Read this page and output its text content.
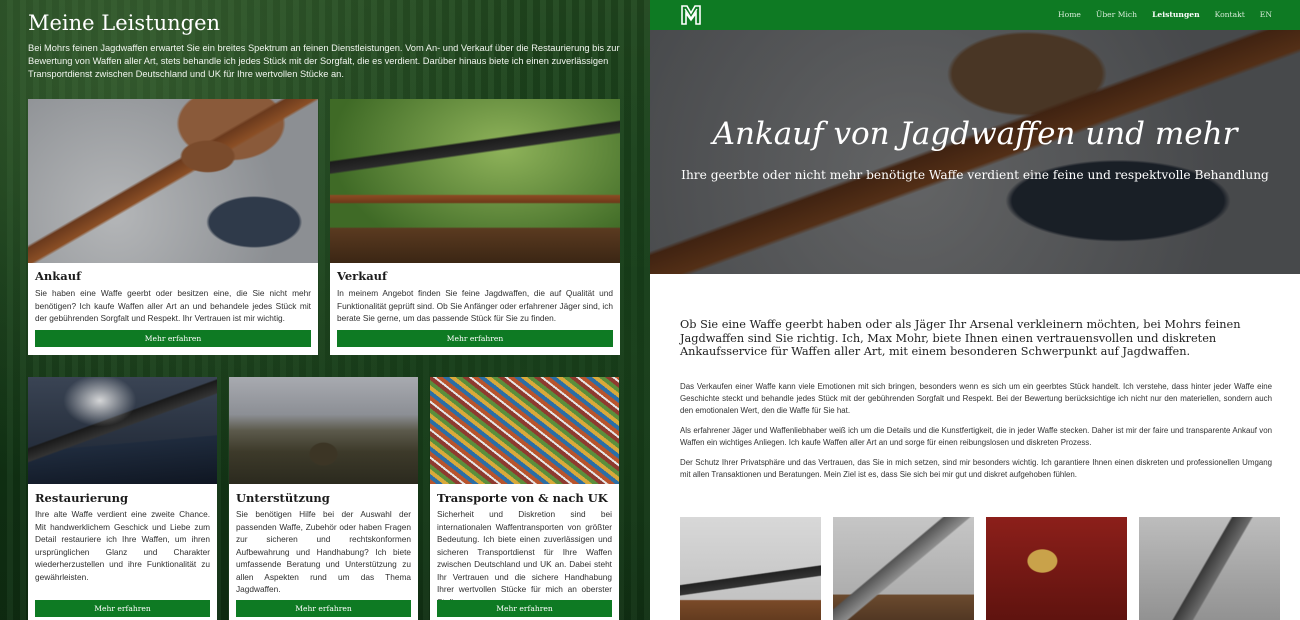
Meine Leistungen
Bei Mohrs feinen Jagdwaffen erwartet Sie ein breites Spektrum an feinen Dienstleistungen. Vom An- und Verkauf über die Restaurierung bis zur Bewertung von Waffen aller Art, stets behandle ich jedes Stück mit der Sorgfalt, die es verdient. Darüber hinaus biete ich einen zuverlässigen Transportdienst zwischen Deutschland und UK für Ihre wertvollen Stücke an.
Ankauf

Sie haben eine Waffe geerbt oder besitzen eine, die Sie nicht mehr benötigen? Ich kaufe Waffen aller Art an und behandele jedes Stück mit der gebührenden Sorgfalt und Respekt. Ihr Vertrauen ist mir wichtig.

Mehr erfahren
Verkauf

In meinem Angebot finden Sie feine Jagdwaffen, die auf Qualität und Funktionalität geprüft sind. Ob Sie Anfänger oder erfahrener Jäger sind, ich berate Sie gerne, um das passende Stück für Sie zu finden.

Mehr erfahren
Restaurierung

Ihre alte Waffe verdient eine zweite Chance. Mit handwerklichem Geschick und Liebe zum Detail restauriere ich Ihre Waffen, um ihren ursprünglichen Glanz und Charakter wiederherzustellen und ihre Funktionalität zu gewährleisten.

Mehr erfahren
Unterstützung

Sie benötigen Hilfe bei der Auswahl der passenden Waffe, Zubehör oder haben Fragen zur sicheren und rechtskonformen Aufbewahrung und Handhabung? Ich biete umfassende Beratung und Unterstützung zu allen Aspekten rund um das Thema Jagdwaffen.

Mehr erfahren
Transporte von & nach UK

Sicherheit und Diskretion sind bei internationalen Waffentransporten von größter Bedeutung. Ich biete einen zuverlässigen und sicheren Transportdienst für Ihre Waffen zwischen Deutschland und UK an. Dabei steht Ihr Vertrauen und die sichere Handhabung Ihrer wertvollen Stücke für mich an oberster

Mehr erfahren
Home Über Mich Leistungen Kontakt EN
Ankauf von Jagdwaffen und mehr
Ihre geerbte oder nicht mehr benötigte Waffe verdient eine feine und respektvolle Behandlung
Ob Sie eine Waffe geerbt haben oder als Jäger Ihr Arsenal verkleinern möchten, bei Mohrs feinen Jagdwaffen sind Sie richtig. Ich, Max Mohr, biete Ihnen einen vertrauensvollen und diskreten Ankaufsservice für Waffen aller Art, mit einem besonderen Schwerpunkt auf Jagdwaffen.
Das Verkaufen einer Waffe kann viele Emotionen mit sich bringen, besonders wenn es sich um ein geerbtes Stück handelt. Ich verstehe, dass hinter jeder Waffe eine Geschichte steckt und behandle jedes Stück mit der gebührenden Sorgfalt und Respekt. Bei der Bewertung berücksichtige ich nicht nur den materiellen, sondern auch den emotionalen Wert, den die Waffe für Sie hat.
Als erfahrener Jäger und Waffenliebhaber weiß ich um die Details und die Kunstfertigkeit, die in jeder Waffe stecken. Daher ist mir der faire und transparente Ankauf von Waffen ein wichtiges Anliegen. Ich kaufe Waffen aller Art an und sorge für einen reibungslosen und diskreten Prozess.
Der Schutz Ihrer Privatsphäre und das Vertrauen, das Sie in mich setzen, sind mir besonders wichtig. Ich garantiere Ihnen einen diskreten und professionellen Umgang mit allen Transaktionen und Beratungen. Mein Ziel ist es, dass Sie sich bei mir gut und diskret aufgehoben fühlen.
